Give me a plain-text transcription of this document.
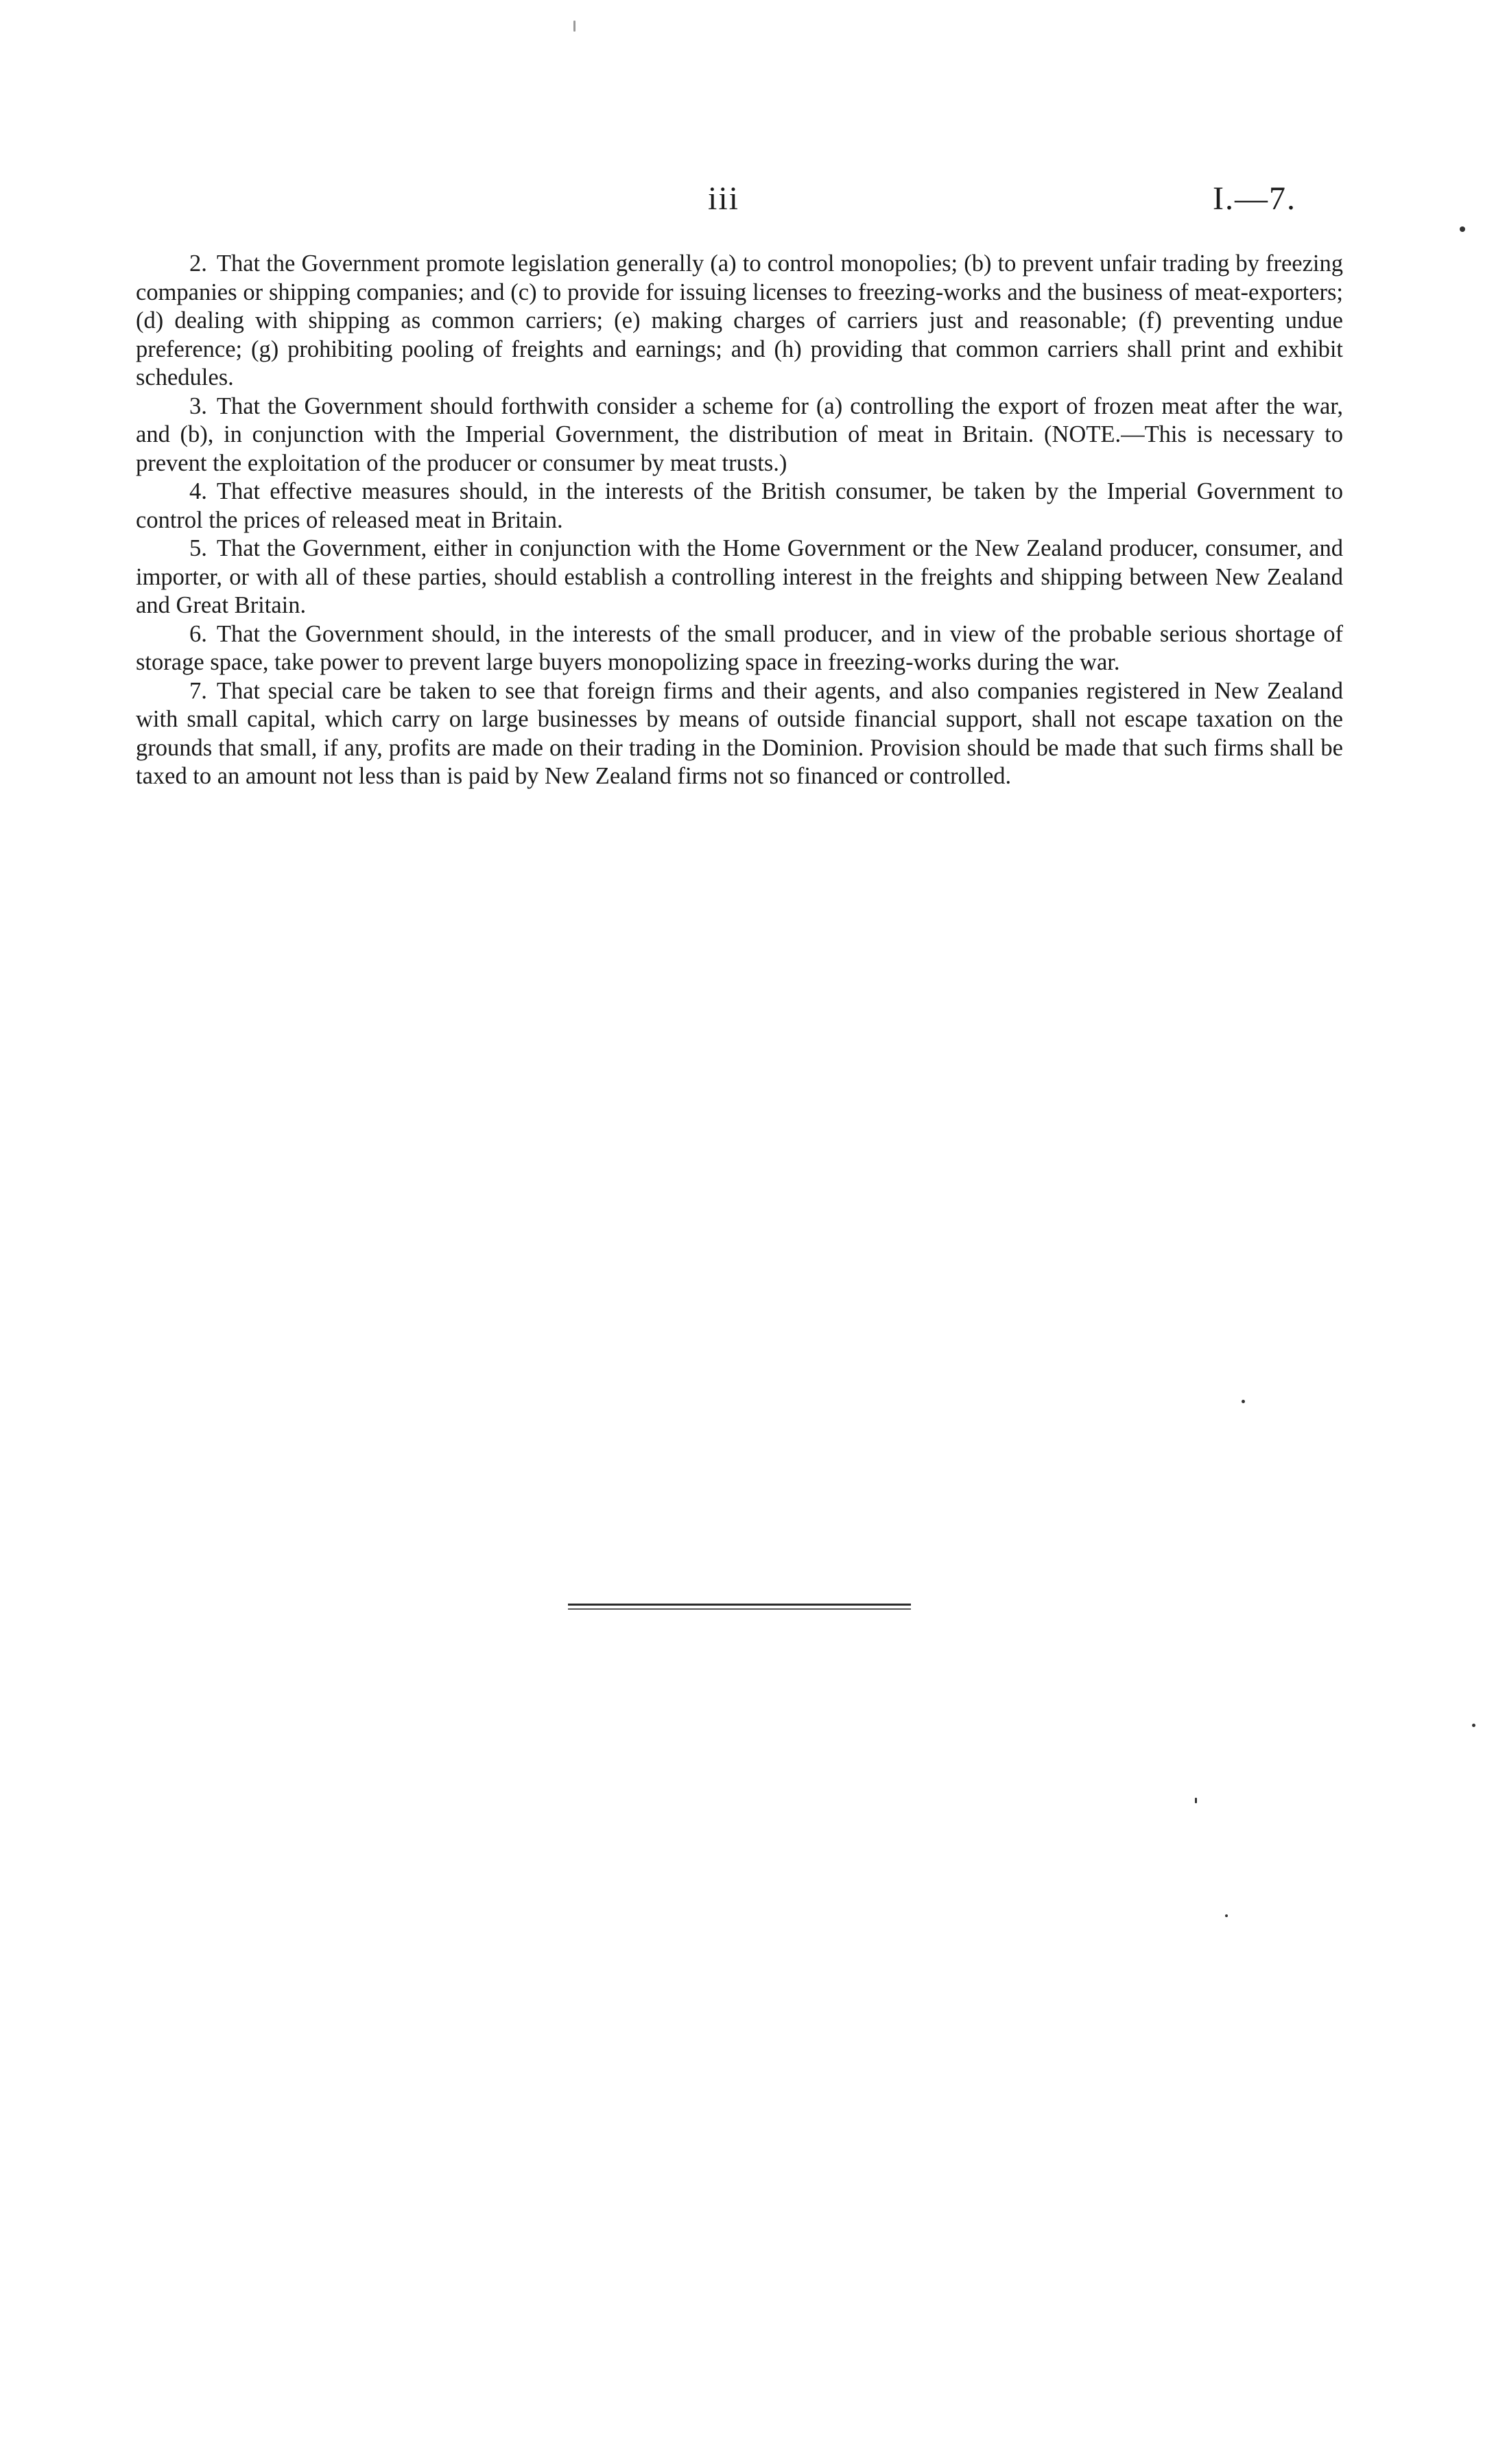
iii	I.—7.

2. That the Government promote legislation generally (a) to control monopolies; (b) to prevent unfair trading by freezing companies or shipping companies; and (c) to provide for issuing licenses to freezing-works and the business of meat-exporters; (d) dealing with shipping as common carriers; (e) making charges of carriers just and reasonable; (f) preventing undue preference; (g) prohibiting pooling of freights and earnings; and (h) providing that common carriers shall print and exhibit schedules.

3. That the Government should forthwith consider a scheme for (a) controlling the export of frozen meat after the war, and (b), in conjunction with the Imperial Government, the distribution of meat in Britain. (NOTE.—This is necessary to prevent the exploitation of the producer or consumer by meat trusts.)

4. That effective measures should, in the interests of the British consumer, be taken by the Imperial Government to control the prices of released meat in Britain.

5. That the Government, either in conjunction with the Home Government or the New Zealand producer, consumer, and importer, or with all of these parties, should establish a controlling interest in the freights and shipping between New Zealand and Great Britain.

6. That the Government should, in the interests of the small producer, and in view of the probable serious shortage of storage space, take power to prevent large buyers monopolizing space in freezing-works during the war.

7. That special care be taken to see that foreign firms and their agents, and also companies registered in New Zealand with small capital, which carry on large businesses by means of outside financial support, shall not escape taxation on the grounds that small, if any, profits are made on their trading in the Dominion. Provision should be made that such firms shall be taxed to an amount not less than is paid by New Zealand firms not so financed or controlled.
